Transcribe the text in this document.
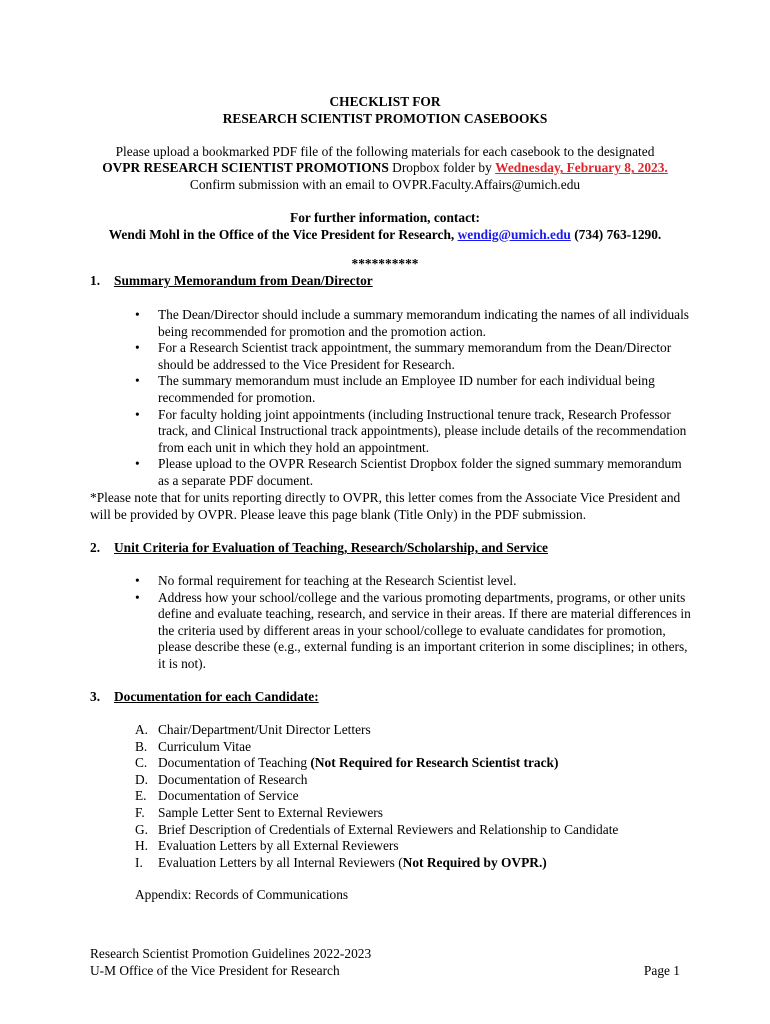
CHECKLIST FOR
RESEARCH SCIENTIST PROMOTION CASEBOOKS
Please upload a bookmarked PDF file of the following materials for each casebook to the designated
OVPR RESEARCH SCIENTIST PROMOTIONS Dropbox folder by Wednesday, February 8, 2023.
Confirm submission with an email to OVPR.Faculty.Affairs@umich.edu
For further information, contact:
Wendi Mohl in the Office of the Vice President for Research, wendig@umich.edu (734) 763-1290.
**********
1. Summary Memorandum from Dean/Director
• The Dean/Director should include a summary memorandum indicating the names of all individuals being recommended for promotion and the promotion action.
• For a Research Scientist track appointment, the summary memorandum from the Dean/Director should be addressed to the Vice President for Research.
• The summary memorandum must include an Employee ID number for each individual being recommended for promotion.
• For faculty holding joint appointments (including Instructional tenure track, Research Professor track, and Clinical Instructional track appointments), please include details of the recommendation from each unit in which they hold an appointment.
• Please upload to the OVPR Research Scientist Dropbox folder the signed summary memorandum as a separate PDF document.
*Please note that for units reporting directly to OVPR, this letter comes from the Associate Vice President and will be provided by OVPR. Please leave this page blank (Title Only) in the PDF submission.
2. Unit Criteria for Evaluation of Teaching, Research/Scholarship, and Service
• No formal requirement for teaching at the Research Scientist level.
• Address how your school/college and the various promoting departments, programs, or other units define and evaluate teaching, research, and service in their areas. If there are material differences in the criteria used by different areas in your school/college to evaluate candidates for promotion, please describe these (e.g., external funding is an important criterion in some disciplines; in others, it is not).
3. Documentation for each Candidate:
A. Chair/Department/Unit Director Letters
B. Curriculum Vitae
C. Documentation of Teaching (Not Required for Research Scientist track)
D. Documentation of Research
E. Documentation of Service
F. Sample Letter Sent to External Reviewers
G. Brief Description of Credentials of External Reviewers and Relationship to Candidate
H. Evaluation Letters by all External Reviewers
I. Evaluation Letters by all Internal Reviewers (Not Required by OVPR.)
Appendix: Records of Communications
Research Scientist Promotion Guidelines 2022-2023
U-M Office of the Vice President for Research	Page 1
